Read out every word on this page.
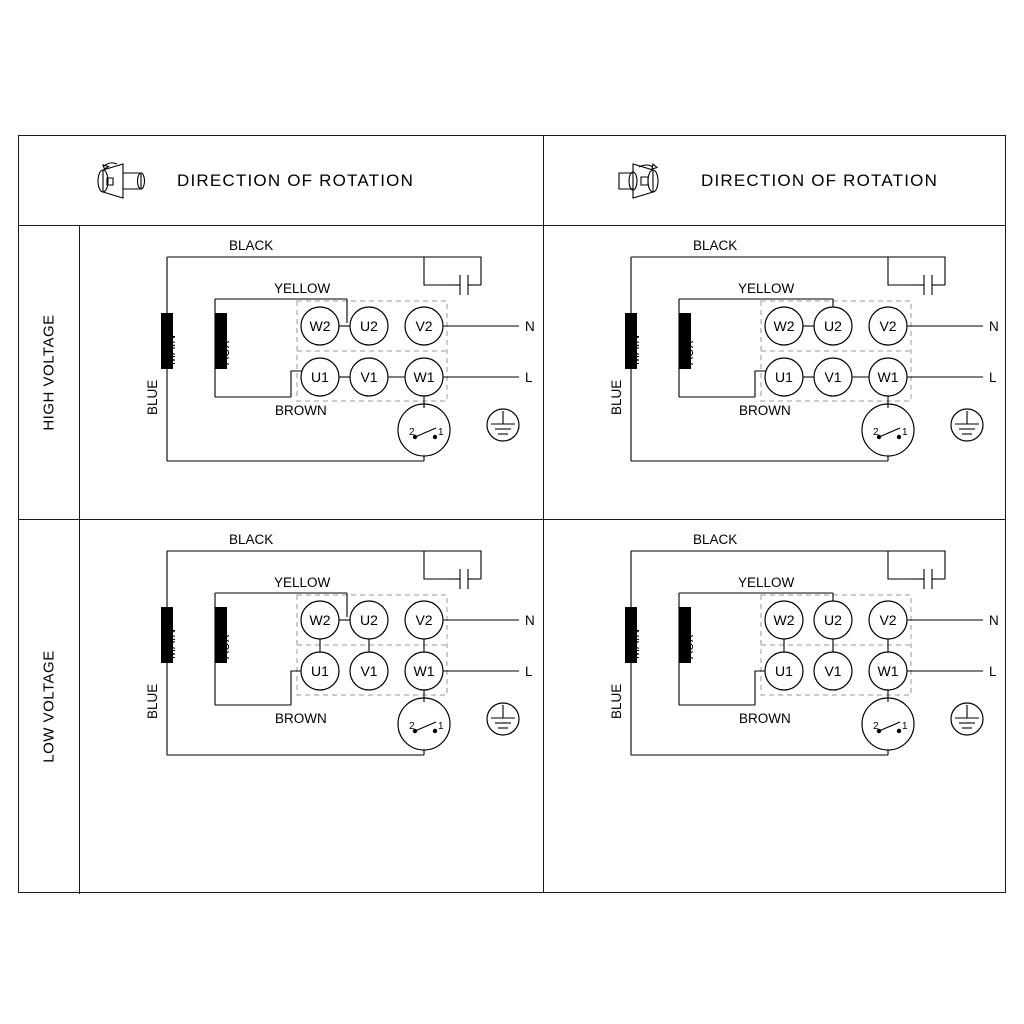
DIRECTION OF ROTATION	DIRECTION OF ROTATION
HIGH VOLTAGE
LOW VOLTAGE
BLACK
YELLOW
BROWN
BLUE
MAIN	AUX
W2 U2	V2
U1 V1	W1
N
L
2 1
BLACK
YELLOW
BROWN
BLUE
MAIN	AUX
W2 U2	V2
U1 V1	W1
N
L
2 1
BLACK
YELLOW
BROWN
BLUE
MAIN	AUX
W2 U2	V2
U1 V1	W1
N
L
2 1
BLACK
YELLOW
BROWN
BLUE
MAIN	AUX
W2 U2	V2
U1 V1	W1
N
L
2 1
